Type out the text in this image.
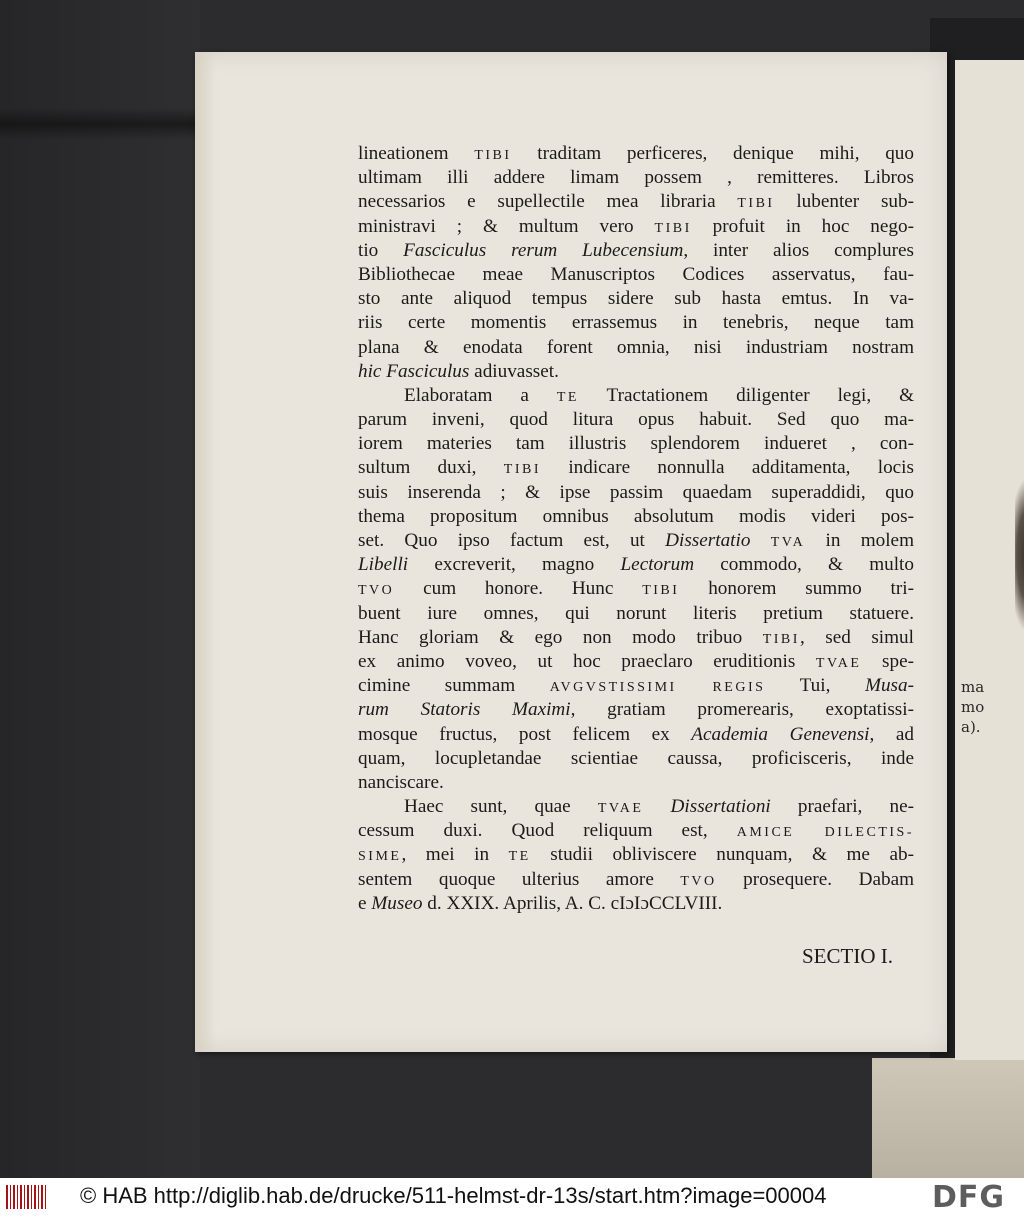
ma
mo
a).

lineationem TIBI traditam perficeres, denique mihi, quo
ultimam illi addere limam possem , remitteres. Libros
necessarios e supellectile mea libraria TIBI lubenter sub-
ministravi ; & multum vero TIBI profuit in hoc nego-
tio Fasciculus rerum Lubecensium, inter alios complures
Bibliothecae meae Manuscriptos Codices asservatus, fau-
sto ante aliquod tempus sidere sub hasta emtus. In va-
riis certe momentis errassemus in tenebris, neque tam
plana & enodata forent omnia, nisi industriam nostram
hic Fasciculus adiuvasset.
Elaboratam a TE Tractationem diligenter legi, &
parum inveni, quod litura opus habuit. Sed quo ma-
iorem materies tam illustris splendorem indueret , con-
sultum duxi, TIBI indicare nonnulla additamenta, locis
suis inserenda ; & ipse passim quaedam superaddidi, quo
thema propositum omnibus absolutum modis videri pos-
set. Quo ipso factum est, ut Dissertatio TVA in molem
Libelli excreverit, magno Lectorum commodo, & multo
TVO cum honore. Hunc TIBI honorem summo tri-
buent iure omnes, qui norunt literis pretium statuere.
Hanc gloriam & ego non modo tribuo TIBI, sed simul
ex animo voveo, ut hoc praeclaro eruditionis TVAE spe-
cimine summam AVGVSTISSIMI REGIS Tui, Musa-
rum Statoris Maximi, gratiam promerearis, exoptatissi-
mosque fructus, post felicem ex Academia Genevensi, ad
quam, locupletandae scientiae caussa, proficisceris, inde
nanciscare.
Haec sunt, quae TVAE Dissertationi praefari, ne-
cessum duxi. Quod reliquum est, AMICE DILECTIS-
SIME, mei in TE studii obliviscere nunquam, & me ab-
sentem quoque ulterius amore TVO prosequere. Dabam
e Museo d. XXIX. Aprilis, A. C. cIɔIɔCCLVIII.
SECTIO I.
© HAB http://diglib.hab.de/drucke/511-helmst-dr-13s/start.htm?image=00004	DFG
